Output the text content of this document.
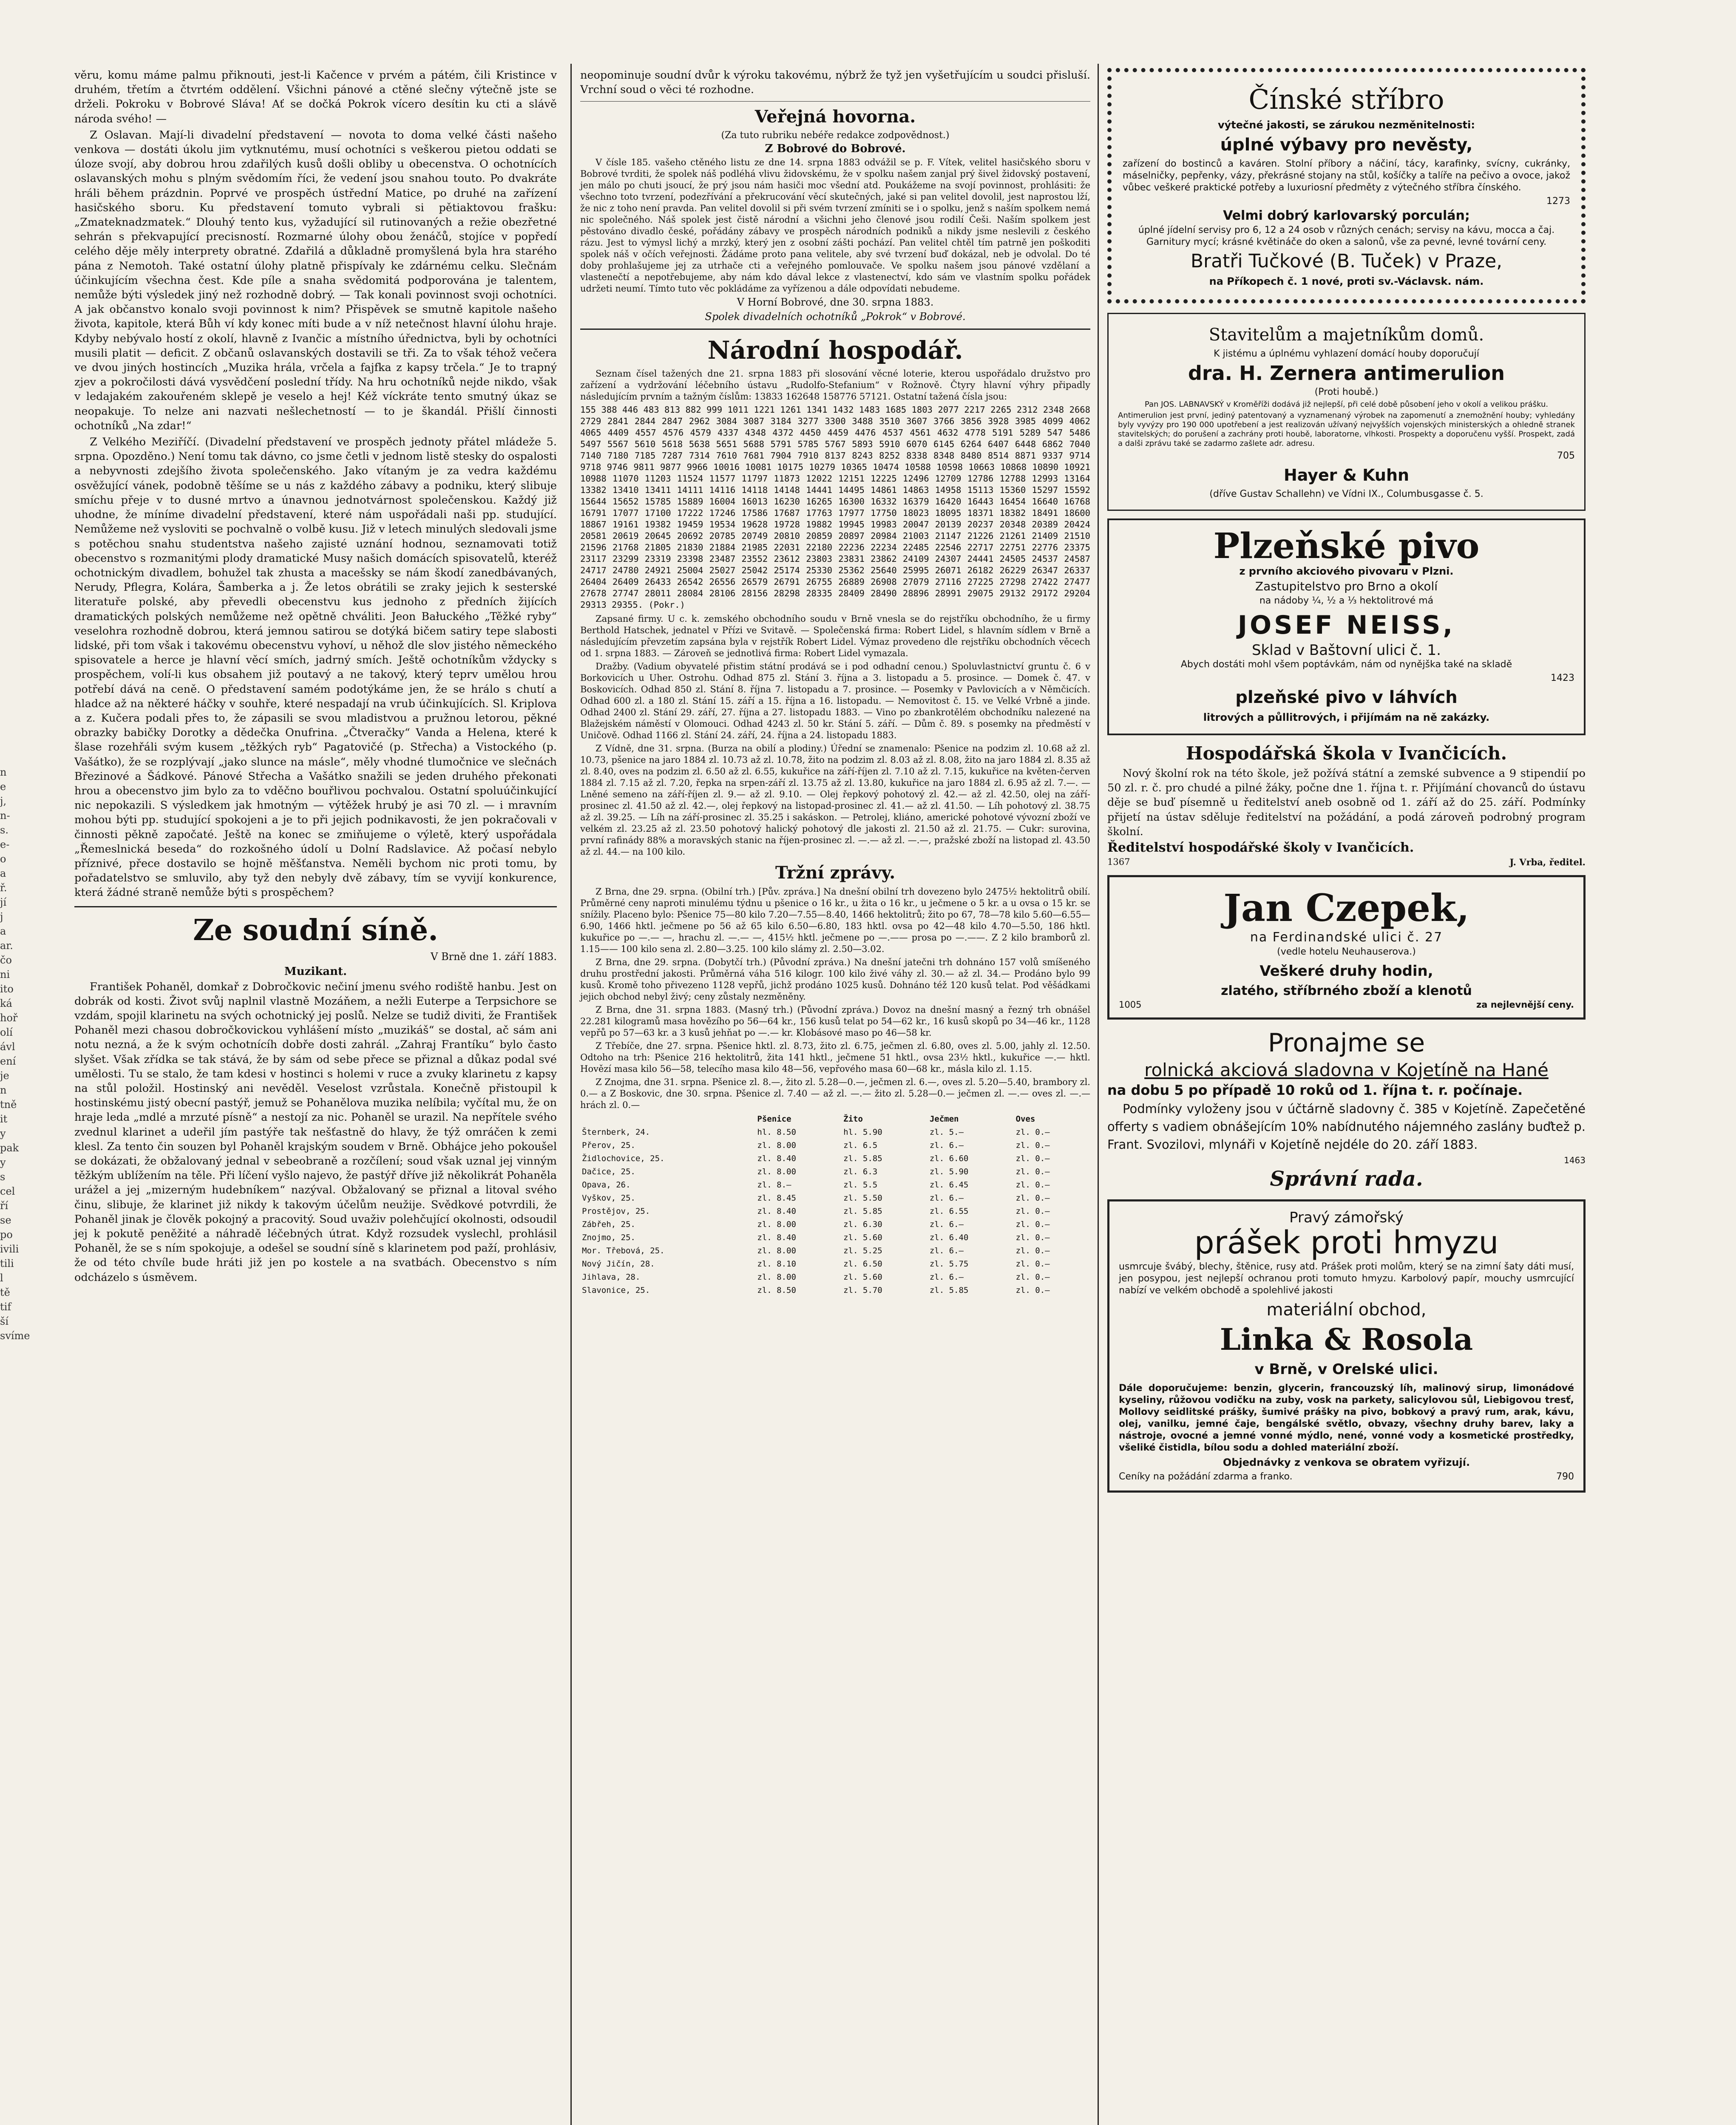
n
e
j,
n-
s.
e-
o
a
ř.
jí
j
a
ar.
čo
ni
ito
ká
hoř
olí
ávl
ení
je
n
tně
it
y
pak
y
s
cel
ří
se
po
ivili
tili
l
tě
tif
ší
svíme

věru, komu máme palmu přiknouti, jest-li Kačence v prvém a pátém, čili Kristince v druhém, třetím a čtvrtém oddělení. Všichni pánové a ctěné slečny výtečně jste se drželi. Pokroku v Bobrové Sláva! Ať se dočká Pokrok vícero desítin ku cti a slávě národa svého! —

Z Oslavan. Mají-li divadelní představení — novota to doma velké části našeho venkova — dostáti úkolu jim vytknutému, musí ochotníci s veškerou pietou oddati se úloze svojí, aby dobrou hrou zdařilých kusů došli obliby u obecenstva. O ochotnících oslavanských mohu s plným svědomím říci, že vedení jsou snahou touto. Po dvakráte hráli během prázdnin. Poprvé ve prospěch ústřední Matice, po druhé na zařízení hasičského sboru. Ku představení tomuto vybrali si pětiaktovou frašku: „Zmateknadzmatek.“ Dlouhý tento kus, vyžadující sil rutinovaných a režie obezřetné sehrán s překvapující precisností. Rozmarné úlohy obou ženáčů, stojíce v popředí celého děje měly interprety obratné. Zdařilá a důkladně promyšlená byla hra starého pána z Nemotoh. Také ostatní úlohy platně přispívaly ke zdárnému celku. Slečnám účinkujícím všechna čest. Kde píle a snaha svědomitá podporována je talentem, nemůže býti výsledek jiný než rozhodně dobrý. — Tak konali povinnost svoji ochotníci. A jak občanstvo konalo svoji povinnost k nim? Přispěvek se smutně kapitole našeho života, kapitole, která Bůh ví kdy konec míti bude a v níž netečnost hlavní úlohu hraje. Kdyby nebývalo hostí z okolí, hlavně z Ivančic a místního úřednictva, byli by ochotníci musili platit — deficit. Z občanů oslavanských dostavili se tři. Za to však téhož večera ve dvou jiných hostincích „Muzika hrála, vrčela a fajfka z kapsy trčela.“ Je to trapný zjev a pokročilosti dává vysvědčení poslední třídy. Na hru ochotníků nejde nikdo, však v ledajakém zakouřeném sklepě je veselo a hej! Kéž víckráte tento smutný úkaz se neopakuje. To nelze ani nazvati nešlechetností — to je škandál. Přišlí činnosti ochotníků „Na zdar!“

Z Velkého Meziříčí. (Divadelní představení ve prospěch jednoty přátel mládeže 5. srpna. Opozděno.) Není tomu tak dávno, co jsme četli v jednom listě stesky do ospalosti a nebyvnosti zdejšího života společenského. Jako vítaným je za vedra každému osvěžující vánek, podobně těšíme se u nás z každého zábavy a podniku, který slibuje smíchu přeje v to dusné mrtvo a únavnou jednotvárnost společenskou. Každý již uhodne, že míníme divadelní představení, které nám uspořádali naši pp. studující. Nemůžeme než vysloviti se pochvalně o volbě kusu. Již v letech minulých sledovali jsme s potěchou snahu studentstva našeho zajisté uznání hodnou, seznamovati totiž obecenstvo s rozmanitými plody dramatické Musy našich domácích spisovatelů, kteréž ochotnickým divadlem, bohužel tak zhusta a macešsky se nám škodí zanedbávaných, Nerudy, Pflegra, Kolára, Šamberka a j. Že letos obrátili se zraky jejich k sesterské literatuře polské, aby převedli obecenstvu kus jednoho z předních žijících dramatických polských nemůžeme než opětně chváliti. Jeon Bałuckého „Těžké ryby“ veselohra rozhodně dobrou, která jemnou satirou se dotýká bičem satiry tepe slabosti lidské, při tom však i takovému obecenstvu vyhoví, u něhož dle slov jistého německého spisovatele a herce je hlavní věcí smích, jadrný smích. Ještě ochotníkům vždycky s prospěchem, volí-li kus obsahem již poutavý a ne takový, který teprv umělou hrou potřebí dává na ceně. O představení samém podotýkáme jen, že se hrálo s chutí a hladce až na některé háčky v souhře, které nespadají na vrub účinkujících. Sl. Kriplova a z. Kučera podali přes to, že zápasili se svou mladistvou a pružnou letorou, pěkné obrazky babičky Dorotky a dědečka Onufrina. „Čtveračky“ Vanda a Helena, které k šlase rozehřáli svým kusem „těžkých ryb“ Pagatovičé (p. Střecha) a Vistockého (p. Vašátko), že se rozplývají „jako slunce na másle“, měly vhodné tlumočnice ve slečnách Březinové a Šádkové. Pánové Střecha a Vašátko snažili se jeden druhého překonati hrou a obecenstvo jim bylo za to vděčno bouřlivou pochvalou. Ostatní spoluúčinkující nic nepokazili. S výsledkem jak hmotným — výtěžek hrubý je asi 70 zl. — i mravním mohou býti pp. studující spokojeni a je to při jejich podnikavosti, že jen pokračovali v činnosti pěkně započaté. Ještě na konec se zmiňujeme o výletě, který uspořádala „Řemeslnická beseda“ do rozkošného údolí u Dolní Radslavice. Až počasí nebylo příznivé, přece dostavilo se hojně měšťanstva. Neměli bychom nic proti tomu, by pořadatelstvo se smluvilo, aby tyž den nebyly dvě zábavy, tím se vyvijí konkurence, která žádné straně nemůže býti s prospěchem?

Ze soudní síně.
V Brně dne 1. září 1883.
Muzikant.

František Pohaněl, domkař z Dobročkovic nečiní jmenu svého rodiště hanbu. Jest on dobrák od kosti. Život svůj naplnil vlastně Mozáňem, a nežli Euterpe a Terpsichore se vzdám, spojil klarinetu na svých ochotnický jej poslů. Nelze se tudiž diviti, že František Pohaněl mezi chasou dobročkovickou vyhlášení místo „muzikáš“ se dostal, ač sám ani notu nezná, a že k svým ochotnícíh dobře dosti zahrál. „Zahraj Frantíku“ bylo často slyšet. Však zřídka se tak stává, že by sám od sebe přece se přiznal a důkaz podal své umělosti. Tu se stalo, že tam kdesi v hostinci s holemi v ruce a zvuky klarinetu z kapsy na stůl položil. Hostinský ani nevěděl. Veselost vzrůstala. Konečně přistoupil k hostinskému jistý obecní pastýř, jemuž se Pohanělova muzika nelíbila; vyčítal mu, že on hraje leda „mdlé a mrzuté písně“ a nestojí za nic. Pohaněl se urazil. Na nepřítele svého zvednul klarinet a udeřil jím pastýře tak nešťastně do hlavy, že týž omráčen k zemi klesl. Za tento čin souzen byl Pohaněl krajským soudem v Brně. Obhájce jeho pokoušel se dokázati, že obžalovaný jednal v sebeobraně a rozčílení; soud však uznal jej vinným těžkým ublížením na těle. Při líčení vyšlo najevo, že pastýř dříve již několikrát Pohaněla urážel a jej „mizerným hudebníkem“ nazýval. Obžalovaný se přiznal a litoval svého činu, slibuje, že klarinet již nikdy k takovým účelům neužije. Svědkové potvrdili, že Pohaněl jinak je člověk pokojný a pracovitý. Soud uvaživ polehčující okolnosti, odsoudil jej k pokutě peněžité a náhradě léčebných útrat. Když rozsudek vyslechl, prohlásil Pohaněl, že se s ním spokojuje, a odešel se soudní síně s klarinetem pod paží, prohlásiv, že od této chvíle bude hráti již jen po kostele a na svatbách. Obecenstvo s ním odcházelo s úsměvem.

neopominuje soudní dvůr k výroku takovému, nýbrž že tyž jen vyšetřujícím u soudci přisluší. Vrchní soud o věci té rozhodne.

Veřejná hovorna.
(Za tuto rubriku nebéře redakce zodpovědnost.)
Z Bobrové do Bobrové.

V čísle 185. vašeho ctěného listu ze dne 14. srpna 1883 odvážil se p. F. Vítek, velitel hasičského sboru v Bobrové tvrditi, že spolek náš podléhá vlivu židovskému, že v spolku našem zanjal prý šivel židovský postavení, jen málo po chuti jsoucí, že prý jsou nám hasiči moc všední atd. Poukážeme na svojí povinnost, prohlásiti: že všechno toto tvrzení, podezřívání a překrucování věcí skutečných, jaké si pan velitel dovolil, jest naprostou lží, že nic z toho není pravda. Pan velitel dovolil si při svém tvrzení zmíniti se i o spolku, jenž s naším spolkem nemá nic společného. Náš spolek jest čistě národní a všichni jeho členové jsou rodilí Češi. Naším spolkem jest pěstováno divadlo české, pořádány zábavy ve prospěch národních podniků a nikdy jsme neslevili z českého rázu. Jest to výmysl lichý a mrzký, který jen z osobní zášti pochází. Pan velitel chtěl tím patrně jen poškoditi spolek náš v očích veřejnosti. Žádáme proto pana velitele, aby své tvrzení buď dokázal, neb je odvolal. Do té doby prohlašujeme jej za utrhače cti a veřejného pomlouvače. Ve spolku našem jsou pánové vzdělaní a vlastenečtí a nepotřebujeme, aby nám kdo dával lekce z vlastenectví, kdo sám ve vlastním spolku pořádek udržeti neumí. Tímto tuto věc pokládáme za vyřízenou a dále odpovídati nebudeme.

V Horní Bobrové, dne 30. srpna 1883.
Spolek divadelních ochotníků „Pokrok“ v Bobrové.
Národní hospodář.

Seznam čísel tažených dne 21. srpna 1883 při slosování věcné loterie, kterou uspořádalo družstvo pro zařízení a vydržování léčebního ústavu „Rudolfo-Stefanium“ v Rožnově. Čtyry hlavní výhry připadly následujícím prvním a tažným číslům: 13833 162648 158776 57121. Ostatní tažená čísla jsou:

155 388 446 483 813 882 999 1011 1221 1261 1341 1432 1483 1685 1803 2077 2217 2265 2312 2348 2668 2729 2841 2844 2847 2962 3084 3087 3184 3277 3300 3488 3510 3607 3766 3856 3928 3985 4099 4062 4065 4409 4557 4576 4579 4337 4348 4372 4450 4459 4476 4537 4561 4632 4778 5191 5289 547 5486 5497 5567 5610 5618 5638 5651 5688 5791 5785 5767 5893 5910 6070 6145 6264 6407 6448 6862 7040 7140 7180 7185 7287 7314 7610 7681 7904 7910 8137 8243 8252 8338 8348 8480 8514 8871 9337 9714 9718 9746 9811 9877 9966 10016 10081 10175 10279 10365 10474 10588 10598 10663 10868 10890 10921 10988 11070 11203 11524 11577 11797 11873 12022 12151 12225 12496 12709 12786 12788 12993 13164 13382 13410 13411 14111 14116 14118 14148 14441 14495 14861 14863 14958 15113 15360 15297 15592 15644 15652 15785 15889 16004 16013 16230 16265 16300 16332 16379 16420 16443 16454 16640 16768 16791 17077 17100 17222 17246 17586 17687 17763 17977 17750 18023 18095 18371 18382 18491 18600 18867 19161 19382 19459 19534 19628 19728 19882 19945 19983 20047 20139 20237 20348 20389 20424 20581 20619 20645 20692 20785 20749 20810 20859 20897 20984 21003 21147 21226 21261 21409 21510 21596 21768 21805 21830 21884 21985 22031 22180 22236 22234 22485 22546 22717 22751 22776 23375 23117 23299 23319 23398 23487 23552 23612 23803 23831 23862 24109 24307 24441 24505 24537 24587 24717 24780 24921 25004 25027 25042 25174 25330 25362 25640 25995 26071 26182 26229 26347 26337 26404 26409 26433 26542 26556 26579 26791 26755 26889 26908 27079 27116 27225 27298 27422 27477 27678 27747 28011 28084 28106 28156 28298 28335 28409 28490 28896 28991 29075 29132 29172 29204 29313 29355. (Pokr.)

Zapsané firmy. U c. k. zemského obchodního soudu v Brně vnesla se do rejstříku obchodního, že u firmy Berthold Hatschek, jednatel v Přízi ve Svitavě. — Společenská firma: Robert Lidel, s hlavním sídlem v Brně a následujícím převzetím zapsána byla v rejstřík Robert Lidel. Výmaz provedeno dle rejstříku obchodních věcech od 1. srpna 1883. — Zároveň se jednotlivá firma: Robert Lidel vymazala.

Dražby. (Vadium obyvatelé přistim státní prodává se i pod odhadní cenou.) Spoluvlastnictví gruntu č. 6 v Borkovicích u Uher. Ostrohu. Odhad 875 zl. Stání 3. října a 3. listopadu a 5. prosince. — Domek č. 47. v Boskovicích. Odhad 850 zl. Stání 8. října 7. listopadu a 7. prosince. — Posemky v Pavlovicích a v Němčicích. Odhad 600 zl. a 180 zl. Stání 15. září a 15. října a 16. listopadu. — Nemovitost č. 15. ve Velké Vrbně a jinde. Odhad 2400 zl. Stání 29. září, 27. října a 27. listopadu 1883. — Vino po zbankrotělém obchodníku nalezené na Blažejském náměstí v Olomouci. Odhad 4243 zl. 50 kr. Stání 5. září. — Dům č. 89. s posemky na předměstí v Uničově. Odhad 1166 zl. Stání 24. září, 24. října a 24. listopadu 1883.

Z Vídně, dne 31. srpna. (Burza na obilí a plodiny.) Úřední se znamenalo: Pšenice na podzim zl. 10.68 až zl. 10.73, pšenice na jaro 1884 zl. 10.73 až zl. 10.78, žito na podzim zl. 8.03 až zl. 8.08, žito na jaro 1884 zl. 8.35 až zl. 8.40, oves na podzim zl. 6.50 až zl. 6.55, kukuřice na září-říjen zl. 7.10 až zl. 7.15, kukuřice na květen-červen 1884 zl. 7.15 až zl. 7.20, řepka na srpen-září zl. 13.75 až zl. 13.80, kukuřice na jaro 1884 zl. 6.95 až zl. 7.—. — Lněné semeno na září-říjen zl. 9.— až zl. 9.10. — Olej řepkový pohotový zl. 42.— až zl. 42.50, olej na září-prosinec zl. 41.50 až zl. 42.—, olej řepkový na listopad-prosinec zl. 41.— až zl. 41.50. — Líh pohotový zl. 38.75 až zl. 39.25. — Líh na září-prosinec zl. 35.25 i sakáskon. — Petrolej, kliáno, americké pohotové vývozní zboží ve velkém zl. 23.25 až zl. 23.50 pohotový halický pohotový dle jakosti zl. 21.50 až zl. 21.75. — Cukr: surovina, první rafinády 88% a moravských stanic na říjen-prosinec zl. —.— až zl. —.—, pražské zboží na listopad zl. 43.50 až zl. 44.— na 100 kilo.

Tržní zprávy.

Z Brna, dne 29. srpna. (Obilní trh.) [Pův. zpráva.] Na dnešní obilní trh dovezeno bylo 2475½ hektolitrů obilí. Průměrné ceny naproti minulému týdnu u pšenice o 16 kr., u žita o 16 kr., u ječmene o 5 kr. a u ovsa o 15 kr. se snížily. Placeno bylo: Pšenice 75—80 kilo 7.20—7.55—8.40, 1466 hektolitrů; žito po 67, 78—78 kilo 5.60—6.55—6.90, 1466 hktl. ječmene po 56 až 65 kilo 6.50—6.80, 183 hktl. ovsa po 42—48 kilo 4.70—5.50, 186 hktl. kukuřice po —.— —, hrachu zl. —.— —, 415½ hktl. ječmene po —.—— prosa po —.——. Z 2 kilo bramborů zl. 1.15—— 100 kilo sena zl. 2.80—3.25. 100 kilo slámy zl. 2.50—3.02.

Z Brna, dne 29. srpna. (Dobytčí trh.) (Původní zpráva.) Na dnešní jatečni trh dohnáno 157 volů smíšeného druhu prostřední jakosti. Průměrná váha 516 kilogr. 100 kilo živé váhy zl. 30.— až zl. 34.— Prodáno bylo 99 kusů. Kromě toho přivezeno 1128 vepřů, jichž prodáno 1025 kusů. Dohnáno též 120 kusů telat. Pod věšádkami jejich obchod nebyl živý; ceny zůstaly nezměněny.

Z Brna, dne 31. srpna 1883. (Masný trh.) (Původní zpráva.) Dovoz na dnešní masný a řezný trh obnášel 22.281 kilogramů masa hovězího po 56—64 kr., 156 kusů telat po 54—62 kr., 16 kusů skopů po 34—46 kr., 1128 vepřů po 57—63 kr. a 3 kusů jehňat po —.— kr. Klobásové maso po 46—58 kr.

Z Třebíče, dne 27. srpna. Pšenice hktl. zl. 8.73, žito zl. 6.75, ječmen zl. 6.80, oves zl. 5.00, jahly zl. 12.50. Odtoho na trh: Pšenice 216 hektolitrů, žita 141 hktl., ječmene 51 hktl., ovsa 23½ hktl., kukuřice —.— hktl. Hovězí masa kilo 56—58, telecího masa kilo 48—56, vepřového masa 60—68 kr., másla kilo zl. 1.15.

Z Znojma, dne 31. srpna. Pšenice zl. 8.—, žito zl. 5.28—0.—, ječmen zl. 6.—, oves zl. 5.20—5.40, brambory zl. 0.— a Z Boskovic, dne 30. srpna. Pšenice zl. 7.40 — až zl. —.— žito zl. 5.28—0.— ječmen zl. —.— oves zl. —.— hrách zl. 0.—

	Pšenice	Žito	Ječmen	Oves
Šternberk, 24.	hl. 8.50	hl. 5.90	zl. 5.—	zl. 0.—
Přerov, 25.	zl. 8.00	zl. 6.5	zl. 6.—	zl. 0.—
Židlochovice, 25.	zl. 8.40	zl. 5.85	zl. 6.60	zl. 0.—
Dačice, 25.	zl. 8.00	zl. 6.3	zl. 5.90	zl. 0.—
Opava, 26.	zl. 8.—	zl. 5.5	zl. 6.45	zl. 0.—
Vyškov, 25.	zl. 8.45	zl. 5.50	zl. 6.—	zl. 0.—
Prostějov, 25.	zl. 8.40	zl. 5.85	zl. 6.55	zl. 0.—
Zábřeh, 25.	zl. 8.00	zl. 6.30	zl. 6.—	zl. 0.—
Znojmo, 25.	zl. 8.40	zl. 5.60	zl. 6.40	zl. 0.—
Mor. Třebová, 25.	zl. 8.00	zl. 5.25	zl. 6.—	zl. 0.—
Nový Jičín, 28.	zl. 8.10	zl. 6.50	zl. 5.75	zl. 0.—
Jihlava, 28.	zl. 8.00	zl. 5.60	zl. 6.—	zl. 0.—
Slavonice, 25.	zl. 8.50	zl. 5.70	zl. 5.85	zl. 0.—

Čínské stříbro

výtečné jakosti, se zárukou nezměnitelnosti:

úplné výbavy pro nevěsty,

zařízení do bostinců a kaváren. Stolní příbory a náčiní, tácy, karafinky, svícny, cukránky, máselničky, pepřenky, vázy, překrásné stojany na stůl, košíčky a talíře na pečivo a ovoce, jakož vůbec veškeré praktické potřeby a luxuriosní předměty z výtečného stříbra čínského.

1273

Velmi dobrý karlovarský porculán;

úplné jídelní servisy pro 6, 12 a 24 osob v různých cenách; servisy na kávu, mocca a čaj. Garnitury mycí; krásné květináče do oken a salonů, vše za pevné, levné tovární ceny.

Bratři Tučkové (B. Tuček) v Praze,

na Příkopech č. 1 nové, proti sv.-Václavsk. nám.

Stavitelům a majetníkům domů.

K jistému a úplnému vyhlazení domácí houby doporučují

dra. H. Zernera antimerulion

(Proti houbě.)

Pan JOS. LABNAVSKÝ v Kroměříži dodává již nejlepší, při celé době působení jeho v okolí a velikou prášku.

Antimerulion jest první, jediný patentovaný a vyznamenaný výrobek na zapomenutí a znemožnění houby; vyhledány byly vyvýzy pro 190 000 upotřebení a jest realizován užívaný nejvyšších vojenských ministerských a ohledně stranek stavitelských; do porušení a zachrány proti houbě, laboratorne, vlhkosti. Prospekty a doporučenu vyšší. Prospekt, zadá a dalši zprávu také se zadarmo zašlete adr. adresu.

705

Hayer & Kuhn

(dříve Gustav Schallehn) ve Vídni IX., Columbusgasse č. 5.

Plzeňské pivo

z prvního akciového pivovaru v Plzni.

Zastupitelstvo pro Brno a okolí

na nádoby ¼, ½ a ⅓ hektolitrové má

JOSEF NEISS,

Sklad v Baštovní ulici č. 1.

Abych dostáti mohl všem poptávkám, nám od nynějška také na skladě

1423

plzeňské pivo v láhvích

litrových a půllitrových, i přijímám na ně zakázky.

Hospodářská škola v Ivančicích.

Nový školní rok na této škole, jež požívá státní a zemské subvence a 9 stipendií po 50 zl. r. č. pro chudé a pilné žáky, počne dne 1. října t. r. Přijímání chovanců do ústavu děje se buď písemně u ředitelství aneb osobně od 1. září až do 25. září. Podmínky přijetí na ústav sděluje ředitelství na požádání, a podá zároveň podrobný program školní.

Ředitelství hospodářské školy v Ivančicích.

1367	J. Vrba, ředitel.

Jan Czepek,

na Ferdinandské ulici č. 27

(vedle hotelu Neuhauserova.)

Veškeré druhy hodin,

zlatého, stříbrného zboží a klenotů

1005	za nejlevnější ceny.

Pronajme se

rolnická akciová sladovna v Kojetíně na Hané

na dobu 5 po případě 10 roků od 1. října t. r. počínaje.

Podmínky vyloženy jsou v účtárně sladovny č. 385 v Kojetíně. Zapečetěné offerty s vadiem obnášejícím 10% nabídnutého nájemného zaslány buďtež p. Frant. Svozilovi, mlynáři v Kojetíně nejdéle do 20. září 1883.

1463

Správní rada.

Pravý zámořský

prášek proti hmyzu

usmrcuje švábý, blechy, štěnice, rusy atd. Prášek proti molům, který se na zimní šaty dáti musí, jen posypou, jest nejlepší ochranou proti tomuto hmyzu. Karbolový papír, mouchy usmrcující nabízí ve velkém obchodě a spolehlivé jakosti

materiální obchod,

Linka & Rosola

v Brně, v Orelské ulici.

Dále doporučujeme: benzin, glycerin, francouzský líh, malinový sirup, limonádové kyseliny, růžovou vodičku na zuby, vosk na parkety, salicylovou sůl, Liebigovou tresť, Mollovy seidlitské prášky, šumivé prášky na pivo, bobkový a pravý rum, arak, kávu, olej, vanilku, jemné čaje, bengálské světlo, obvazy, všechny druhy barev, laky a nástroje, ovocné a jemné vonné mýdlo, nené, vonné vody a kosmetické prostředky, všeliké čistidla, bílou sodu a dohled materiální zboží.

Objednávky z venkova se obratem vyřizují.

Ceníky na požádání zdarma a franko.	790
